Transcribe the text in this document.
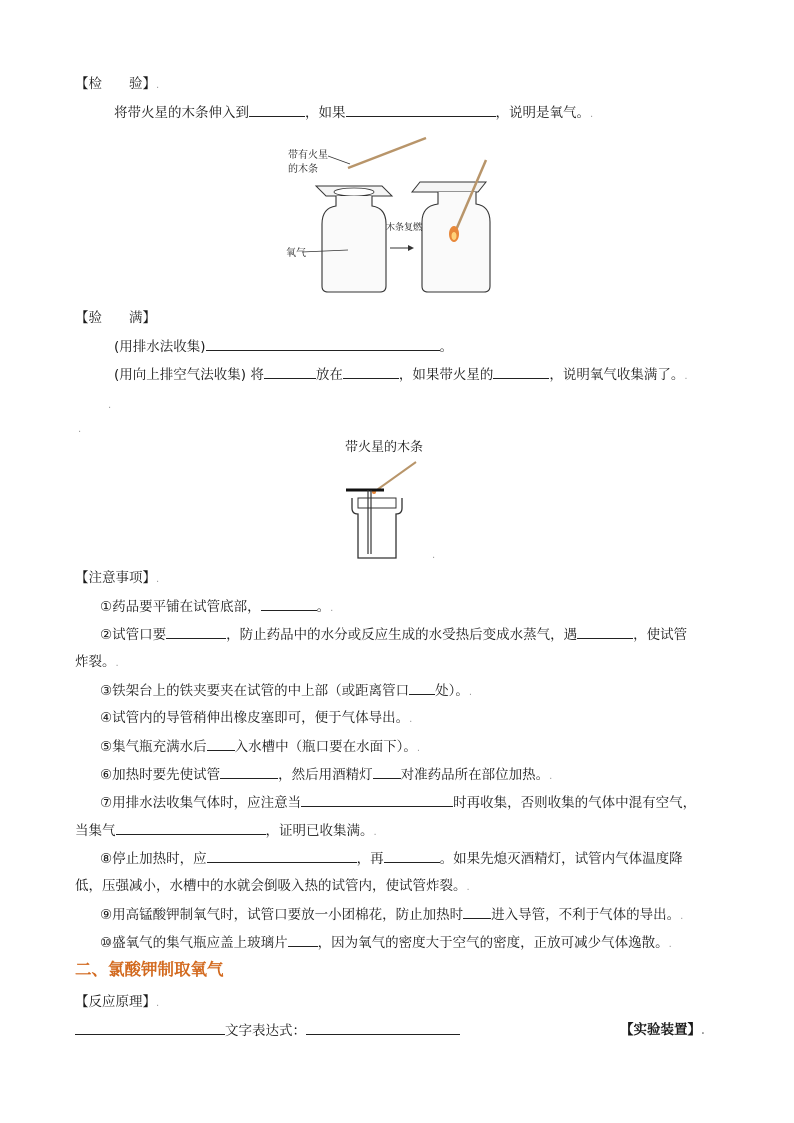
【检　　验】.
将带火星的木条伸入到	，如果	，说明是氧气。.
带有火星
的木条
氧气
木条复燃
【验　　满】
(用排水法收集)	。
(用向上排空气法收集) 将	放在	，如果带火星的	，说明氧气收集满了。.
.
.
带火星的木条
.
【注意事项】.
①药品要平铺在试管底部，	。.
②试管口要	，防止药品中的水分或反应生成的水受热后变成水蒸气，遇	，使试管
炸裂。.
③铁架台上的铁夹要夹在试管的中上部（或距离管口 处）。.
④试管内的导管稍伸出橡皮塞即可，便于气体导出。.
⑤集气瓶充满水后 入水槽中（瓶口要在水面下）。.
⑥加热时要先使试管	，然后用酒精灯 对准药品所在部位加热。.
⑦用排水法收集气体时，应注意当	时再收集，否则收集的气体中混有空气，
当集气	，证明已收集满。.
⑧停止加热时，应	，再	。如果先熄灭酒精灯，试管内气体温度降
低，压强减小，水槽中的水就会倒吸入热的试管内，使试管炸裂。.
⑨用高锰酸钾制氧气时，试管口要放一小团棉花，防止加热时 进入导管，不利于气体的导出。.
⑩盛氧气的集气瓶应盖上玻璃片 ，因为氧气的密度大于空气的密度，正放可减少气体逸散。.
二、氯酸钾制取氧气
【反应原理】.
文字表达式：	【实验装置】.
